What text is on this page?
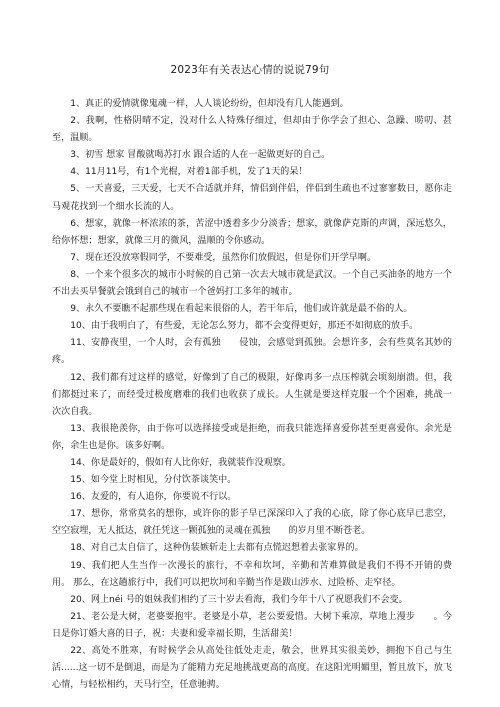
2023年有关表达心情的说说79句

1、真正的爱情就像鬼魂一样，人人谈论纷纷，但却没有几人能遇到。

2、我啊，性格阴晴不定，没对什么人特殊仔细过，但却由于你学会了担心、急躁、唠叨、甚至，温顺。

3、初雪 想家 冒酸就喝苏打水 跟合适的人在一起做更好的自己。

4、11月11号，有1个光棍，对着1部手机，发了1天的呆！

5、一天喜爱，三天爱，七天不合适就并拜，情侣到伴侣，伴侣到生疏也不过寥寥数日，愿你走马观花找到一个细水长流的人。

6、想家，就像一杯浓浓的茶，苦涩中透着多少分淡香；想家，就像萨克斯的声调，深远悠久，给你怀想；想家，就像三月的微风，温顺的令你感动。

7、现在还没放寒假同学，不要难受，虽然你们放假迟，但是你们开学早啊。

8、一个来个很多次的城市小时候的自己第一次去大城市就是武汉。一个自己买油条的地方一个不出去买早餐就会饿到自己的城市一个爸妈打工多年的城市。

9、永久不要瞧不起那些现在看起来很俗的人，若干年后，他们或许就是最不俗的人。

10、由于我明白了，有些爱，无论怎么努力，都不会变得更好，那还不如彻底的放手。

11、安静夜里，一个人时，会有孤独　　侵蚀，会感觉到孤独。会想许多，会有些莫名其妙的疼。

12、我们都有过这样的感觉，好像到了自己的极限，好像再多一点压榨就会顷刻崩溃。但，我们都挺过来了，而经受过极度磨难的我们也收获了成长。人生就是要这样克服一个个困难，挑战一次次自我。

13、我很艳羡你，由于你可以选择接受或是拒绝，而我只能选择喜爱你甚至更喜爱你。余光是你，余生也是你。该多好啊。

14、你是最好的，假如有人比你好，我就装作没观察。

15、如今堂上时相见，分付饮茶谈笑中。

16、友爱的，有人追你，你要说不行以。

17、想你，常常莫名的想你，或许你的影子早已深深印入了我的心底，除了你心底早已悲空，空空寂埋，无人抵达，就任凭这一颗孤独的灵魂在孤独　　的岁月里不断苍老。

18、对自己太自信了，这种伪装嫉斩走上去都有点慌迟想着去张家界的。

19、我们把人生当作一次漫长的旅行，不幸和坎坷，辛勤和苦难算做是我们不得不开销的费用。 那么，在这趟旅行中，我们可以把坎坷和辛勤当作是跋山涉水、过险桥、走窄径。

20、网上néi 号的姐妹我们相约了三十岁去看海，我们今年十八了祝愿我们不会变。

21、老公是大树，老婆要抱牢。老婆是小草，老公要爱惜。大树下乘凉，草地上漫步　　。今日是你订婚大喜的日子，祝：夫妻和爱幸福长期，生活甜美！

22、高处不胜寒，有时候学会从高处往低处走走，敬会，世界其实很美妙，拥抱下自己与生活......这一切不是倒退，而是为了能精力充足地挑战更高的高度。在这阳光明媚里，暂且放下，放飞心情，与轻松相约，天马行空，任意驰骋。
